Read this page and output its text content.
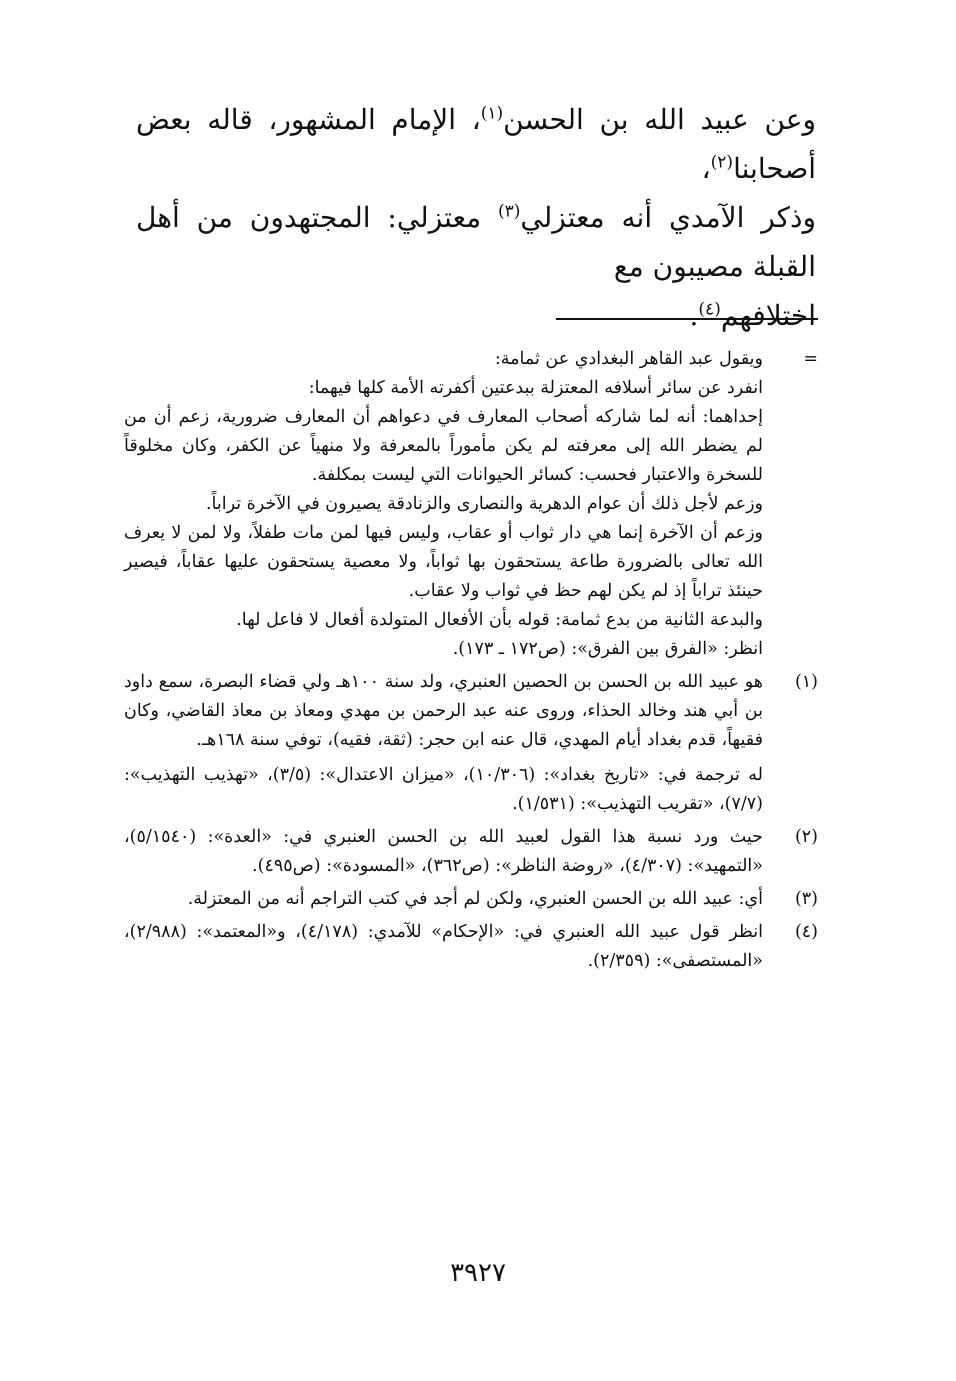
وعن عبيد الله بن الحسن$^{(١)}$، الإمام المشهور، قاله بعض أصحابنا$^{(٢)}$،
وذكر الآمدي أنه معتزلي$^{(٣)}$ معتزلي: المجتهدون من أهل القبلة مصيبون مع
اختلافهم$^{(٤)}$.

=

ويقول عبد القاهر البغدادي عن ثمامة:

انفرد عن سائر أسلافه المعتزلة ببدعتين أكفرته الأمة كلها فيهما:

إحداهما: أنه لما شاركه أصحاب المعارف في دعواهم أن المعارف ضرورية، زعم أن من لم يضطر الله إلى معرفته لم يكن مأموراً بالمعرفة ولا منهياً عن الكفر، وكان مخلوقاً للسخرة والاعتبار فحسب: كسائر الحيوانات التي ليست بمكلفة.

وزعم لأجل ذلك أن عوام الدهرية والنصارى والزنادقة يصيرون في الآخرة تراباً.

وزعم أن الآخرة إنما هي دار ثواب أو عقاب، وليس فيها لمن مات طفلاً، ولا لمن لا يعرف الله تعالى بالضرورة طاعة يستحقون بها ثواباً، ولا معصية يستحقون عليها عقاباً، فيصير حينئذ تراباً إذ لم يكن لهم حظ في ثواب ولا عقاب.

والبدعة الثانية من بدع ثمامة: قوله بأن الأفعال المتولدة أفعال لا فاعل لها.

انظر: «الفرق بين الفرق»: (ص١٧٢ ـ ١٧٣).

(١)

هو عبيد الله بن الحسن بن الحصين العنبري، ولد سنة ١٠٠هـ ولي قضاء البصرة، سمع داود بن أبي هند وخالد الحذاء، وروى عنه عبد الرحمن بن مهدي ومعاذ بن معاذ القاضي، وكان فقيهاً، قدم بغداد أيام المهدي، قال عنه ابن حجر: (ثقة، فقيه)، توفي سنة ١٦٨هـ.

له ترجمة في: «تاريخ بغداد»: (١٠/٣٠٦)، «ميزان الاعتدال»: (٣/٥)، «تهذيب التهذيب»: (٧/٧)، «تقريب التهذيب»: (١/٥٣١).

(٢)

حيث ورد نسبة هذا القول لعبيد الله بن الحسن العنبري في: «العدة»: (٥/١٥٤٠)، «التمهيد»: (٤/٣٠٧)، «روضة الناظر»: (ص٣٦٢)، «المسودة»: (ص٤٩٥).

(٣)

أي: عبيد الله بن الحسن العنبري، ولكن لم أجد في كتب التراجم أنه من المعتزلة.

(٤)

انظر قول عبيد الله العنبري في: «الإحكام» للآمدي: (٤/١٧٨)، و«المعتمد»: (٢/٩٨٨)، «المستصفى»: (٢/٣٥٩).

٣٩٢٧
